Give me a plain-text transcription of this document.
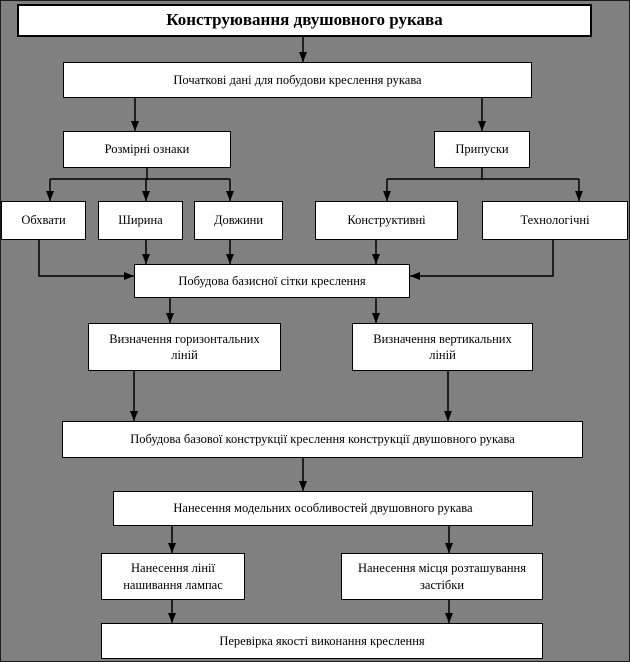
Конструювання двушовного рукава
Початкові дані для побудови креслення рукава
Розмірні ознаки	Припуски
Обхвати	Ширина	Довжини	Конструктивні	Технологічні
Побудова базисної сітки креслення
Визначення горизонтальних ліній
Визначення вертикальних ліній
Побудова базової конструкції креслення конструкції двушовного рукава
Нанесення модельних особливостей двушовного рукава
Нанесення лінії нашивання лампас
Нанесення місця розташування застібки
Перевірка якості виконання креслення
